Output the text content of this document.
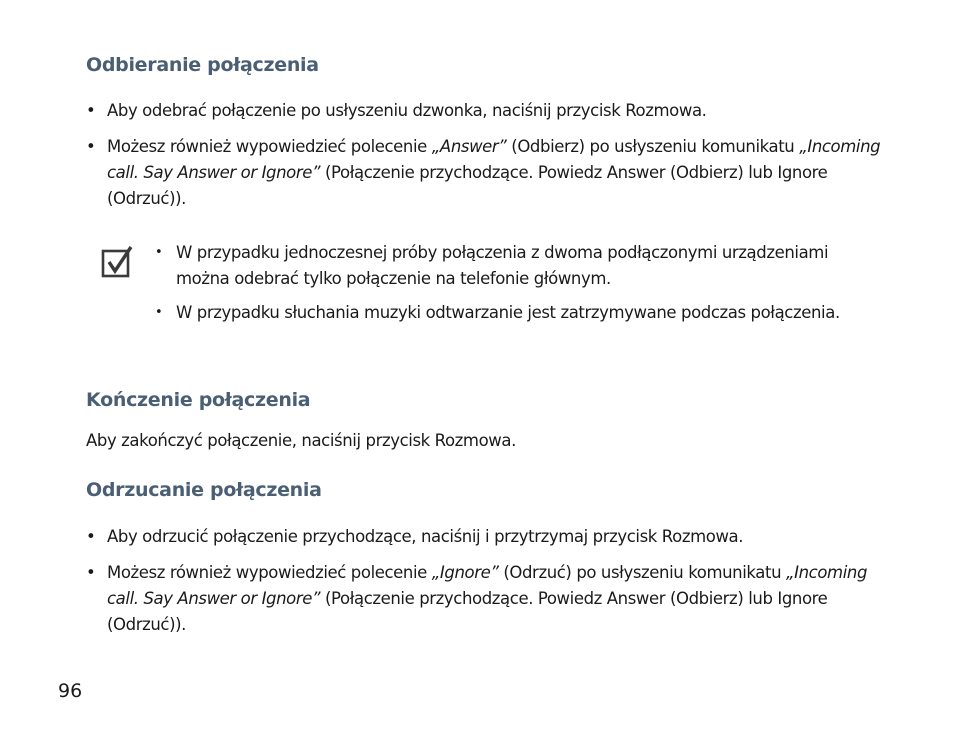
Odbieranie połączenia
• Aby odebrać połączenie po usłyszeniu dzwonka, naciśnij przycisk Rozmowa.
• Możesz również wypowiedzieć polecenie „Answer” (Odbierz) po usłyszeniu komunikatu „Incoming call. Say Answer or Ignore” (Połączenie przychodzące. Powiedz Answer (Odbierz) lub Ignore (Odrzuć)).
• W przypadku jednoczesnej próby połączenia z dwoma podłączonymi urządzeniami można odebrać tylko połączenie na telefonie głównym.
• W przypadku słuchania muzyki odtwarzanie jest zatrzymywane podczas połączenia.
Kończenie połączenia

Aby zakończyć połączenie, naciśnij przycisk Rozmowa.

Odrzucanie połączenia
• Aby odrzucić połączenie przychodzące, naciśnij i przytrzymaj przycisk Rozmowa.
• Możesz również wypowiedzieć polecenie „Ignore” (Odrzuć) po usłyszeniu komunikatu „Incoming call. Say Answer or Ignore” (Połączenie przychodzące. Powiedz Answer (Odbierz) lub Ignore (Odrzuć)).

96
